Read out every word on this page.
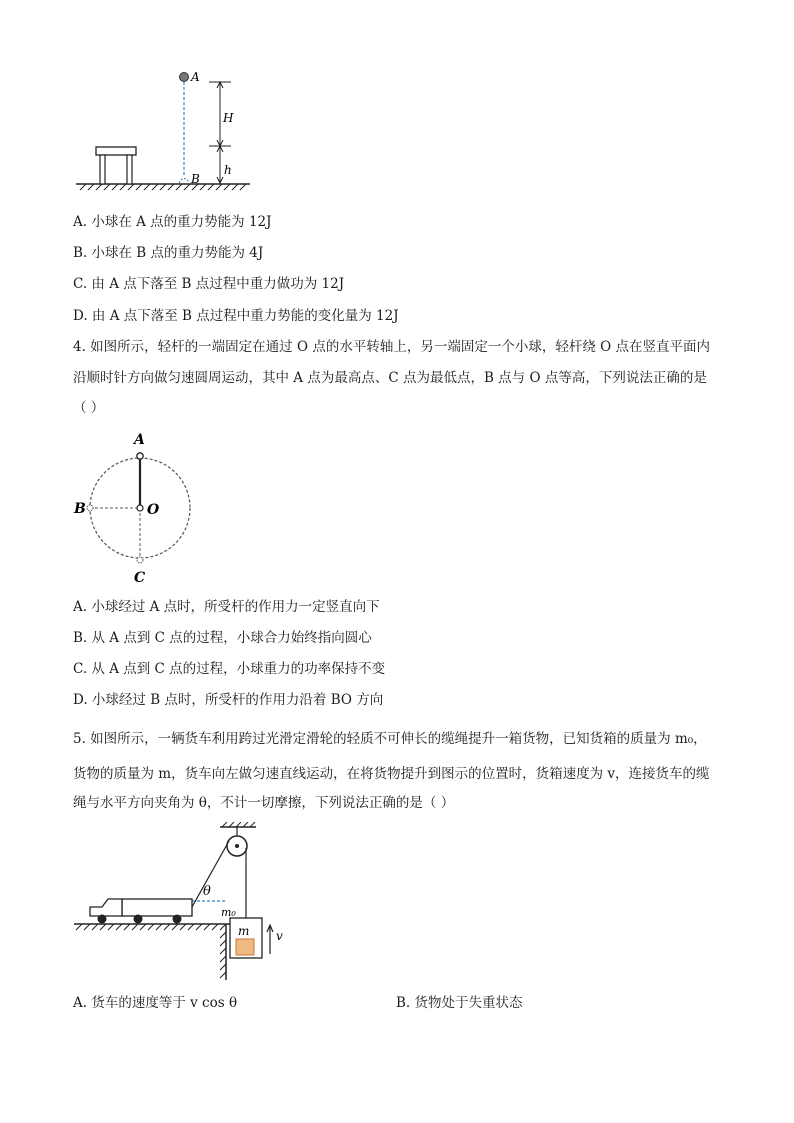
A
B
H
h
A. 小球在 A 点的重力势能为 12J
B. 小球在 B 点的重力势能为 4J
C. 由 A 点下落至 B 点过程中重力做功为 12J
D. 由 A 点下落至 B 点过程中重力势能的变化量为 12J
4. 如图所示，轻杆的一端固定在通过 O 点的水平转轴上，另一端固定一个小球，轻杆绕 O 点在竖直平面内
沿顺时针方向做匀速圆周运动，其中 A 点为最高点、C 点为最低点，B 点与 O 点等高，下列说法正确的是
（ ）
A
B	O
C
A. 小球经过 A 点时，所受杆的作用力一定竖直向下
B. 从 A 点到 C 点的过程，小球合力始终指向圆心
C. 从 A 点到 C 点的过程，小球重力的功率保持不变
D. 小球经过 B 点时，所受杆的作用力沿着 BO 方向
5. 如图所示，一辆货车利用跨过光滑定滑轮的轻质不可伸长的缆绳提升一箱货物，已知货箱的质量为 m₀，
货物的质量为 m，货车向左做匀速直线运动，在将货物提升到图示的位置时，货箱速度为 v，连接货车的缆
绳与水平方向夹角为 θ，不计一切摩擦，下列说法正确的是（ ）
θ
m
m₀
v
A. 货车的速度等于 v cos θ	B. 货物处于失重状态
